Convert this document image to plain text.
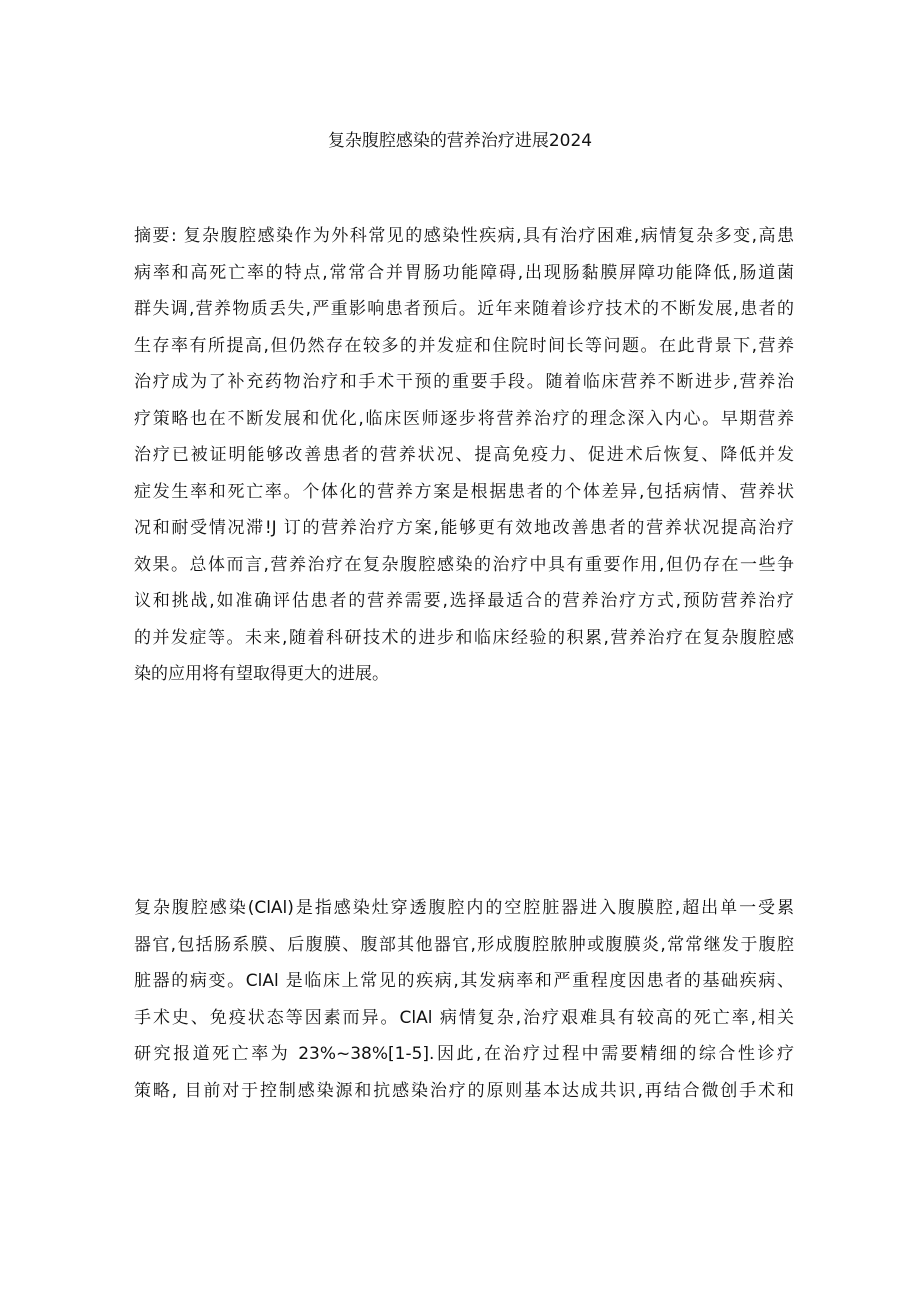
复杂腹腔感染的营养治疗进展2024
摘要: 复杂腹腔感染作为外科常见的感染性疾病,具有治疗困难,病情复杂多变,高患
病率和高死亡率的特点,常常合并胃肠功能障碍,出现肠黏膜屏障功能降低,肠道菌
群失调,营养物质丢失,严重影响患者预后。近年来随着诊疗技术的不断发展,患者的
生存率有所提高,但仍然存在较多的并发症和住院时间长等问题。在此背景下,营养
治疗成为了补充药物治疗和手术干预的重要手段。随着临床营养不断进步,营养治
疗策略也在不断发展和优化,临床医师逐步将营养治疗的理念深入内心。早期营养
治疗已被证明能够改善患者的营养状况、提高免疫力、促进术后恢复、降低并发
症发生率和死亡率。个体化的营养方案是根据患者的个体差异,包括病情、营养状
况和耐受情况滞!J 订的营养治疗方案,能够更有效地改善患者的营养状况提高治疗
效果。总体而言,营养治疗在复杂腹腔感染的治疗中具有重要作用,但仍存在一些争
议和挑战,如准确评估患者的营养需要,选择最适合的营养治疗方式,预防营养治疗
的并发症等。未来,随着科研技术的进步和临床经验的积累,营养治疗在复杂腹腔感
染的应用将有望取得更大的进展。
复杂腹腔感染(ClAl)是指感染灶穿透腹腔内的空腔脏器进入腹膜腔,超出单一受累
器官,包括肠系膜、后腹膜、腹部其他器官,形成腹腔脓肿或腹膜炎,常常继发于腹腔
脏器的病变。ClAl 是临床上常见的疾病,其发病率和严重程度因患者的基础疾病、
手术史、免疫状态等因素而异。ClAl 病情复杂,治疗艰难具有较高的死亡率,相关
研究报道死亡率为 23%~38%[1-5].因此,在治疗过程中需要精细的综合性诊疗
策略, 目前对于控制感染源和抗感染治疗的原则基本达成共识,再结合微创手术和
